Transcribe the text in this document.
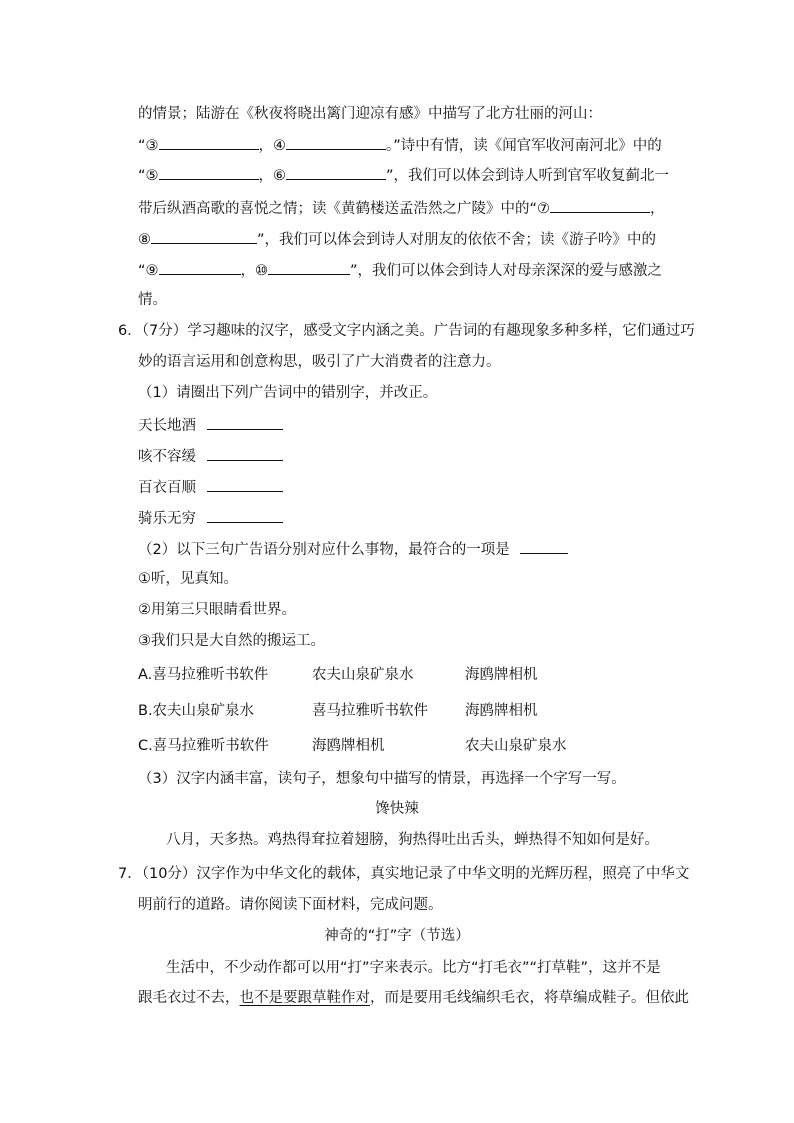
的情景；陆游在《秋夜将晓出篱门迎凉有感》中描写了北方壮丽的河山：
“③	，④	。”诗中有情，读《闻官军收河南河北》中的
“⑤	，⑥	”，我们可以体会到诗人听到官军收复蓟北一
带后纵酒高歌的喜悦之情；读《黄鹤楼送孟浩然之广陵》中的“⑦	，
⑧	”，我们可以体会到诗人对朋友的依依不舍；读《游子吟》中的
“⑨	，⑩	”，我们可以体会到诗人对母亲深深的爱与感激之
情。
6．（7分）学习趣味的汉字，感受文字内涵之美。广告词的有趣现象多种多样，它们通过巧
妙的语言运用和创意构思，吸引了广大消费者的注意力。
（1）请圈出下列广告词中的错别字，并改正。
天长地酒
咳不容缓
百衣百顺
骑乐无穷
（2）以下三句广告语分别对应什么事物，最符合的一项是
①听，见真知。
②用第三只眼睛看世界。
③我们只是大自然的搬运工。
A.喜马拉雅听书软件	农夫山泉矿泉水	海鸥牌相机
B.农夫山泉矿泉水	喜马拉雅听书软件	海鸥牌相机
C.喜马拉雅听书软件	海鸥牌相机	农夫山泉矿泉水
（3）汉字内涵丰富，读句子，想象句中描写的情景，再选择一个字写一写。
馋快辣
八月，天多热。鸡热得耷拉着翅膀，狗热得吐出舌头，蝉热得不知如何是好。
7．（10分）汉字作为中华文化的载体，真实地记录了中华文明的光辉历程，照亮了中华文
明前行的道路。请你阅读下面材料，完成问题。
神奇的“打”字（节选）
生活中，不少动作都可以用“打”字来表示。比方“打毛衣”“打草鞋”，这并不是
跟毛衣过不去，也不是要跟草鞋作对，而是要用毛线编织毛衣，将草编成鞋子。但依此
